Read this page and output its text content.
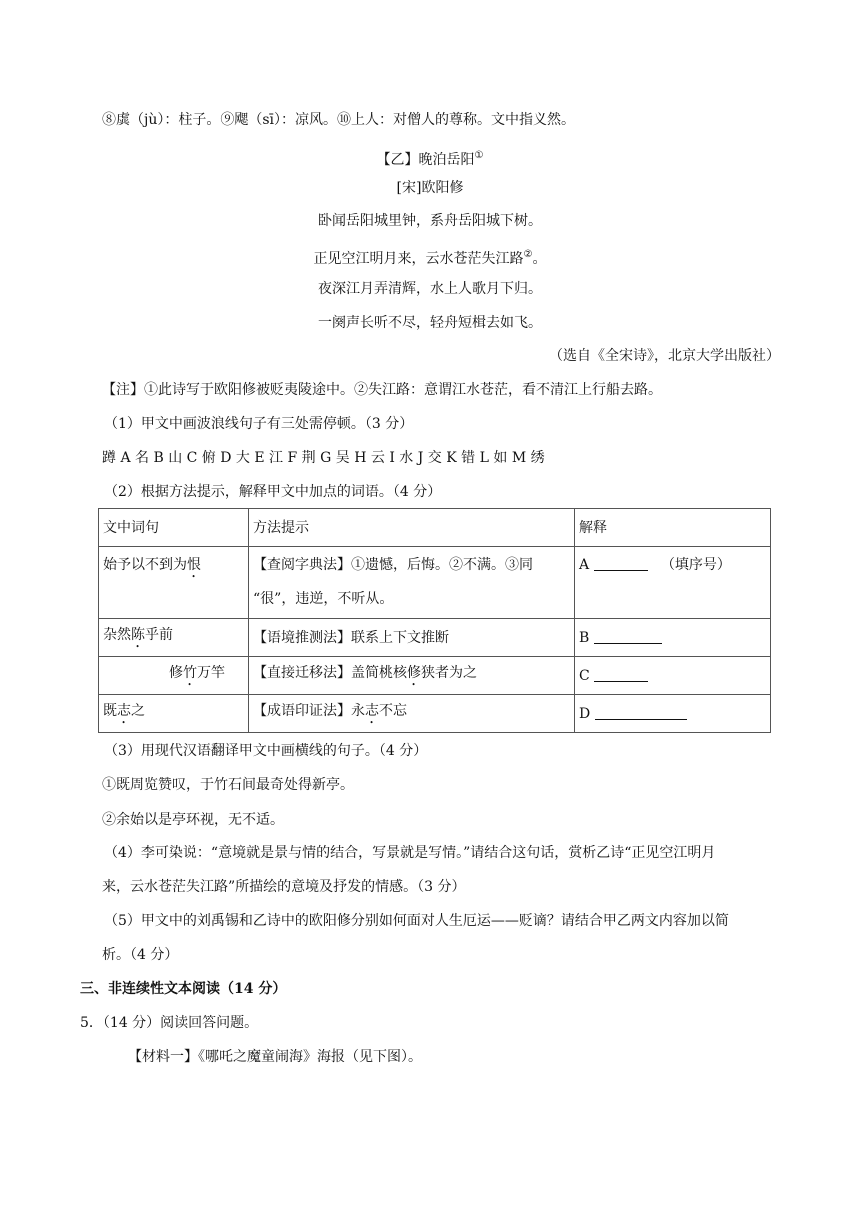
⑧虡（jù）：柱子。⑨飔（sī）：凉风。⑩上人：对僧人的尊称。文中指义然。
【乙】晚泊岳阳①
[宋]欧阳修
卧闻岳阳城里钟，系舟岳阳城下树。
正见空江明月来，云水苍茫失江路②。
夜深江月弄清辉，水上人歌月下归。
一阕声长听不尽，轻舟短楫去如飞。
（选自《全宋诗》，北京大学出版社）
【注】①此诗写于欧阳修被贬夷陵途中。②失江路：意谓江水苍茫，看不清江上行船去路。
（1）甲文中画波浪线句子有三处需停顿。（3 分）
蹲 A 名 B 山 C 俯 D 大 E 江 F 荆 G 吴 H 云 I 水 J 交 K 错 L 如 M 绣
（2）根据方法提示，解释甲文中加点的词语。（4 分）
文中词句	方法提示	解释
始予以不到为恨	【查阅字典法】①遗憾，后悔。②不满。③同
“很”，违逆，不听从。	A （填序号）
杂然陈乎前	【语境推测法】联系上下文推断	B
修竹万竿	【直接迁移法】盖简桃核修狭者为之	C
既志之	【成语印证法】永志不忘	D
（3）用现代汉语翻译甲文中画横线的句子。（4 分）
①既周览赞叹，于竹石间最奇处得新亭。
②余始以是亭环视，无不适。
（4）李可染说：“意境就是景与情的结合，写景就是写情。”请结合这句话，赏析乙诗“正见空江明月
来，云水苍茫失江路”所描绘的意境及抒发的情感。（3 分）
（5）甲文中的刘禹锡和乙诗中的欧阳修分别如何面对人生厄运——贬谪？请结合甲乙两文内容加以简
析。（4 分）
三、非连续性文本阅读（14 分）
5．（14 分）阅读回答问题。
【材料一】《哪吒之魔童闹海》海报（见下图）。
